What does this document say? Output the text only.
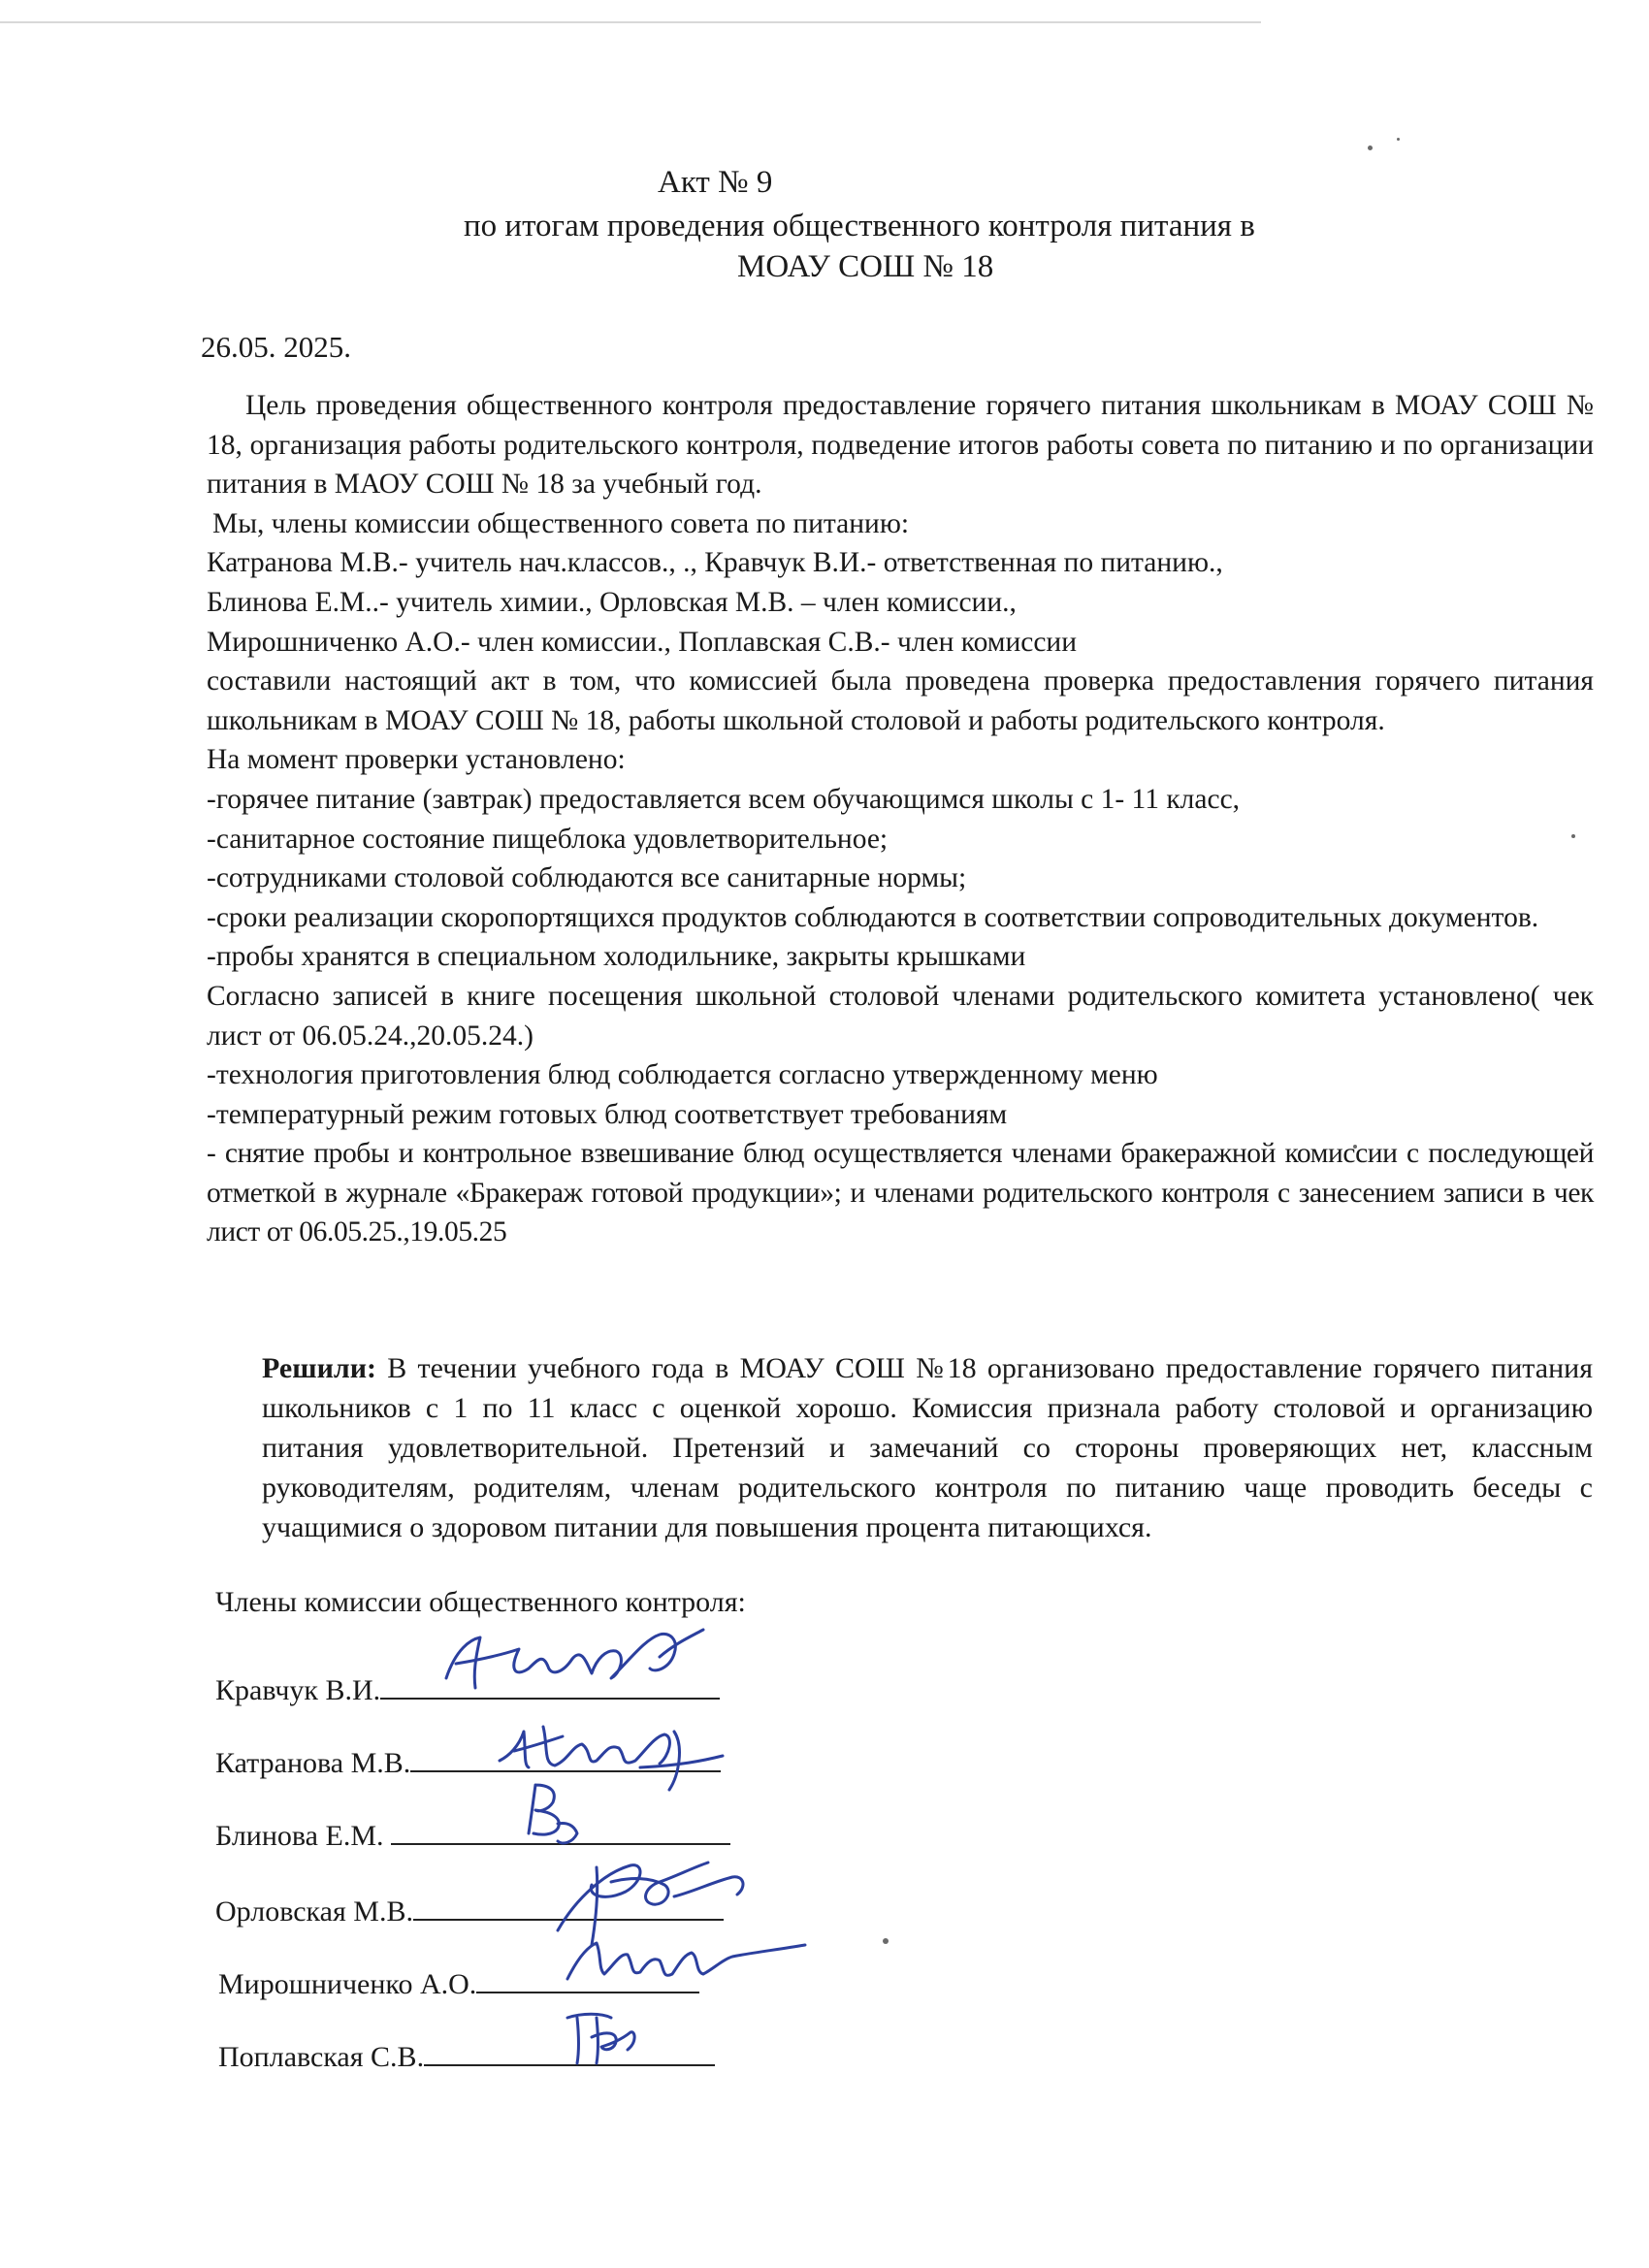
Акт № 9
по итогам проведения общественного контроля питания в
МОАУ СОШ № 18
26.05. 2025.

Цель проведения общественного контроля предоставление горячего питания школьникам в МОАУ СОШ № 18, организация работы родительского контроля, подведение итогов работы совета по питанию и по организации питания в МАОУ СОШ № 18 за учебный год.

Мы, члены комиссии общественного совета по питанию:

Катранова М.В.- учитель нач.классов., ., Кравчук В.И.- ответственная по питанию.,

Блинова Е.М..- учитель химии., Орловская М.В. – член комиссии.,

Мирошниченко А.О.- член комиссии., Поплавская С.В.- член комиссии

составили настоящий акт в том, что комиссией была проведена проверка предоставления горячего питания школьникам в МОАУ СОШ № 18, работы школьной столовой и работы родительского контроля.

На момент проверки установлено:

-горячее питание (завтрак) предоставляется всем обучающимся школы с 1- 11 класс,

-санитарное состояние пищеблока удовлетворительное;

-сотрудниками столовой соблюдаются все санитарные нормы;

-сроки реализации скоропортящихся продуктов соблюдаются в соответствии сопроводительных документов.

-пробы хранятся в специальном холодильнике, закрыты крышками

Согласно записей в книге посещения школьной столовой членами родительского комитета установлено( чек лист от 06.05.24.,20.05.24.)

-технология приготовления блюд соблюдается согласно утвержденному меню

-температурный режим готовых блюд соответствует требованиям

- снятие пробы и контрольное взвешивание блюд осуществляется членами бракеражной комиссии с последующей отметкой в журнале «Бракераж готовой продукции»; и членами родительского контроля с занесением записи в чек лист от 06.05.25.,19.05.25

Решили: В течении учебного года в МОАУ СОШ №18 организовано предоставление горячего питания школьников с 1 по 11 класс с оценкой хорошо. Комиссия признала работу столовой и организацию питания удовлетворительной. Претензий и замечаний со стороны проверяющих нет, классным руководителям, родителям, членам родительского контроля по питанию чаще проводить беседы с учащимися о здоровом питании для повышения процента питающихся.
Члены комиссии общественного контроля:
Кравчук В.И.
Катранова М.В.
Блинова Е.М.
Орловская М.В.
Мирошниченко А.О.
Поплавская С.В.
